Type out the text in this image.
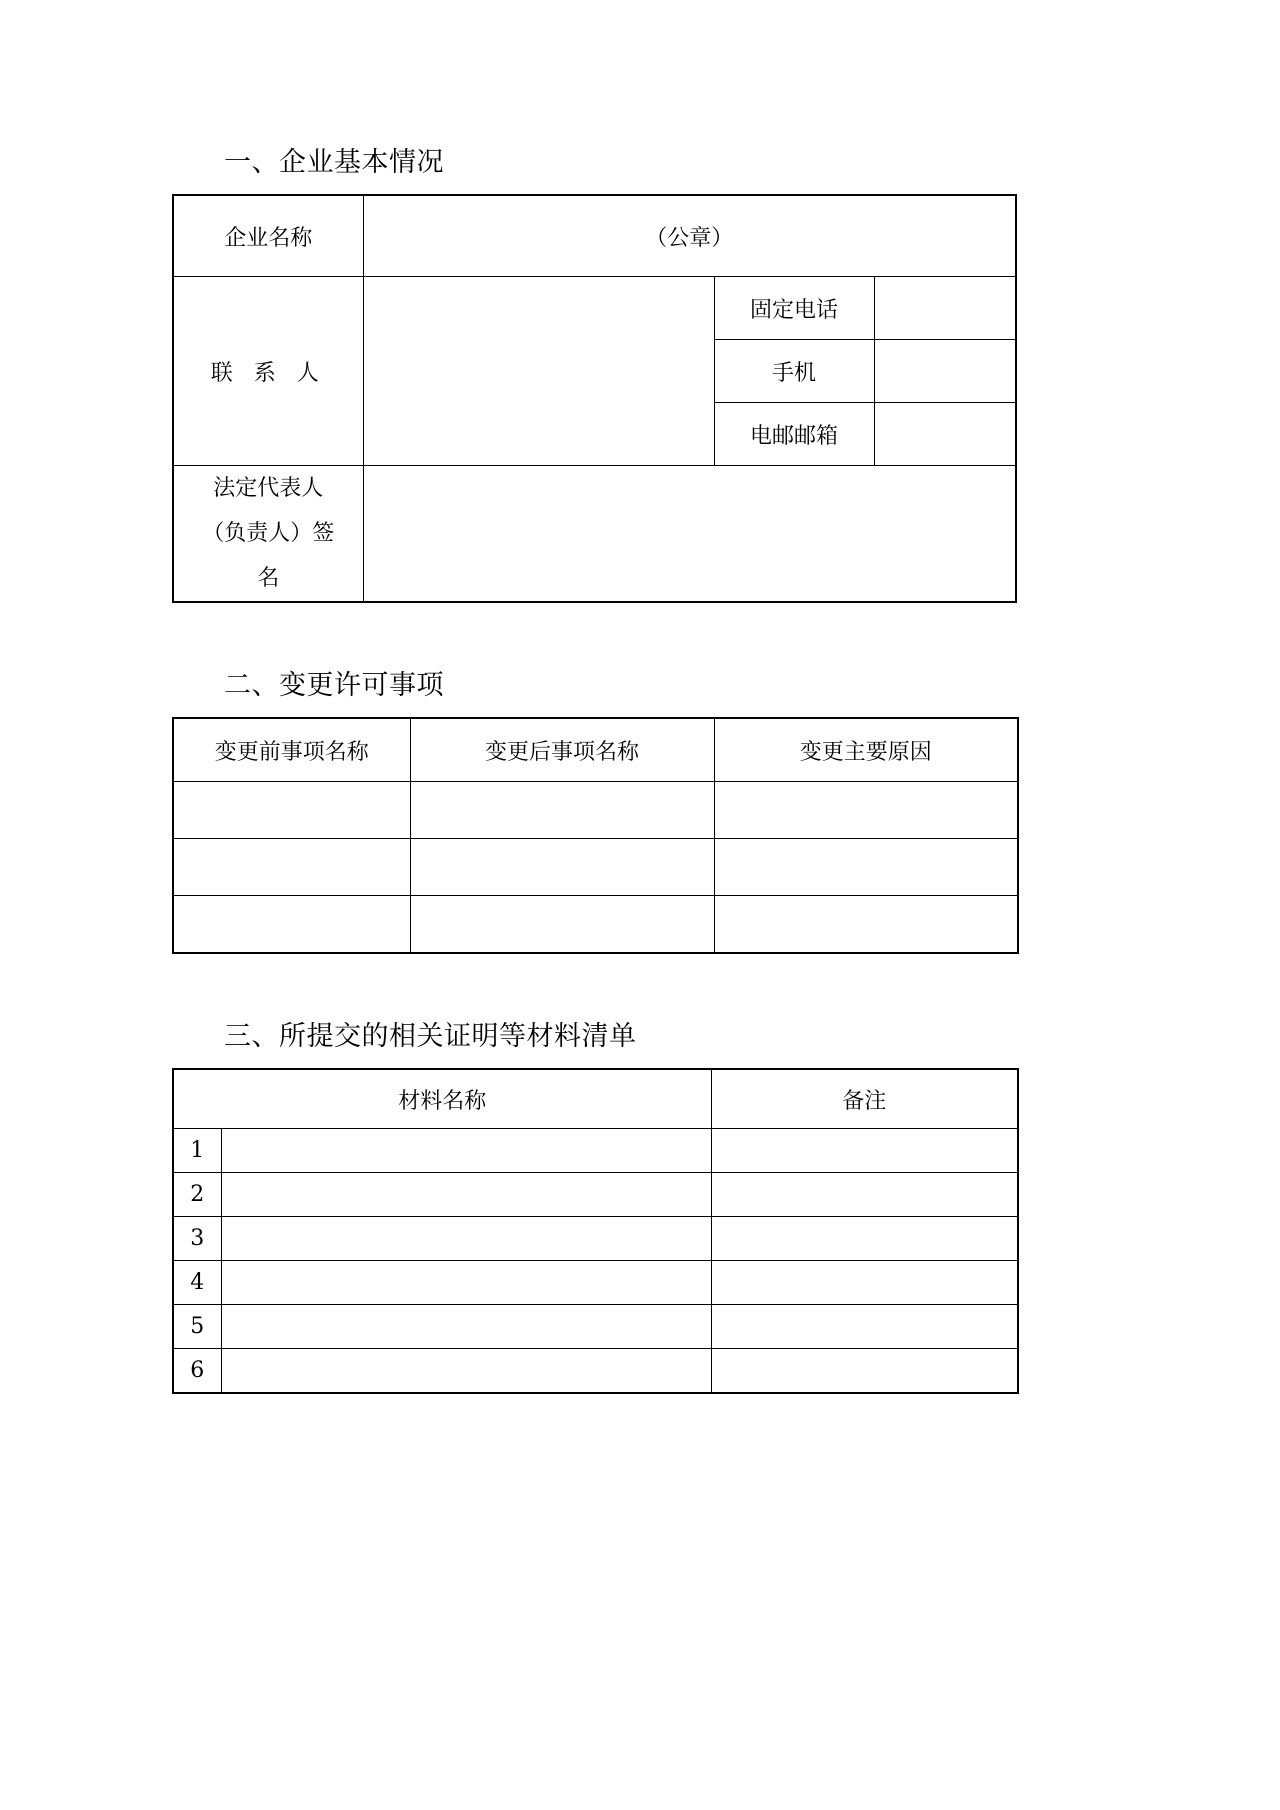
一、企业基本情况
企业名称	（公章）		
联 系 人		固定电话	
		手机	
		电邮邮箱	

法定代表人
（负责人）签
名			

二、变更许可事项
变更前事项名称	变更后事项名称	变更主要原因

三、所提交的相关证明等材料清单
材料名称		备注
1		
2		
3		
4		
5		
6		
